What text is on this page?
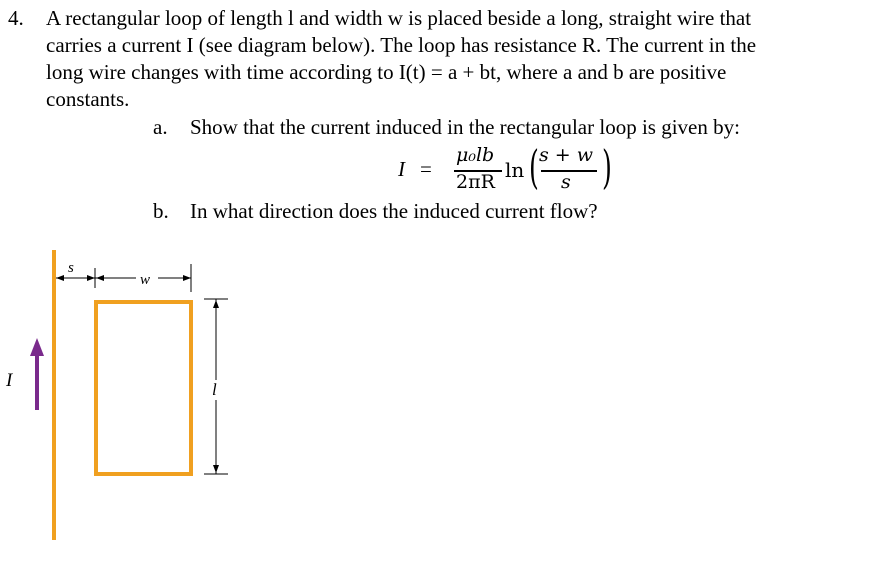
4. A rectangular loop of length l and width w is placed beside a long, straight wire that
carries a current I (see diagram below). The loop has resistance R. The current in the
long wire changes with time according to I(t) = a + bt, where a and b are positive
constants.
a. Show that the current induced in the rectangular loop is given by:
I =
μ₀lb
2πR ln ( s + w
s )
b. In what direction does the induced current flow?
I
s
w
l
